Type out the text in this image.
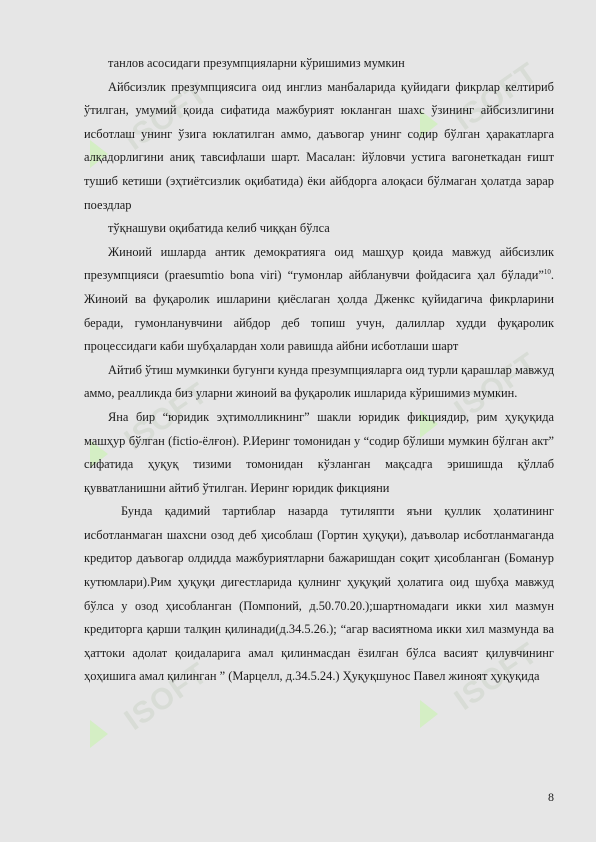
ISOFT	ISOFT
ISOFT	ISOFT
ISOFT	ISOFT

танлов асосидаги презумпцияларни кўришимиз мумкин

Айбсизлик презумпциясига оид инглиз манбаларида қуйидаги фикрлар келтириб ўтилган, умумий қоида сифатида мажбурият юкланган шахс ўзининг айбсизлигини исботлаш унинг ўзига юклатилган аммо, даъвогар унинг содир бўлган ҳаракатларга алқадорлигини аниқ тавсифлаши шарт. Масалан: йўловчи устига вагонеткадан ғишт тушиб кетиши (эҳтиётсизлик оқибатида) ёки айбдорга алоқаси бўлмаган ҳолатда зарар поездлар

тўқнашуви оқибатида келиб чиққан бўлса

Жиноий ишларда антик демократияга оид машҳур қоида мавжуд айбсизлик презумпцияси (praesumtio bona viri) “гумонлар айбланувчи фойдасига ҳал бўлади”$^{10}$. Жиноий ва фуқаролик ишларини қиёслаган ҳолда Дженкс қуйидагича фикрларини беради, гумонланувчини айбдор деб топиш учун, далиллар худди фуқаролик процессидаги каби шубҳалардан холи равишда айбни исботлаши шарт

Айтиб ўтиш мумкинки бугунги кунда презумпцияларга оид турли қарашлар мавжуд аммо, реалликда биз уларни жиноий ва фуқаролик ишларида кўришимиз мумкин.

Яна бир “юридик эҳтимолликнинг” шакли юридик фикциядир, рим ҳуқуқида машҳур бўлган (fictio-ёлғон). Р.Иеринг томонидан у “содир бўлиши мумкин бўлган акт” сифатида ҳуқуқ тизими томонидан кўзланган мақсадга эришишда қўллаб қувватланишни айтиб ўтилган. Иеринг юридик фикцияни

Бунда қадимий тартиблар назарда тутиляпти яъни қуллик ҳолатининг исботланмаган шахсни озод деб ҳисоблаш (Гортин ҳуқуқи), даъволар исботланмаганда кредитор даъвогар олдидда мажбуриятларни бажаришдан соқит ҳисобланган (Боманур кутюмлари).Рим ҳуқуқи дигестларида қулнинг ҳуқуқий ҳолатига оид шубҳа мавжуд бўлса у озод ҳисобланган (Помпоний, д.50.70.20.);шартномадаги икки хил мазмун кредиторга қарши талқин қилинади(д.34.5.26.); “агар васиятнома икки хил мазмунда ва ҳаттоки адолат қоидаларига амал қилинмасдан ёзилган бўлса васият қилувчининг ҳоҳишига амал қилинган ” (Марцелл, д.34.5.24.) Ҳуқуқшунос Павел жиноят ҳуқуқида

8
